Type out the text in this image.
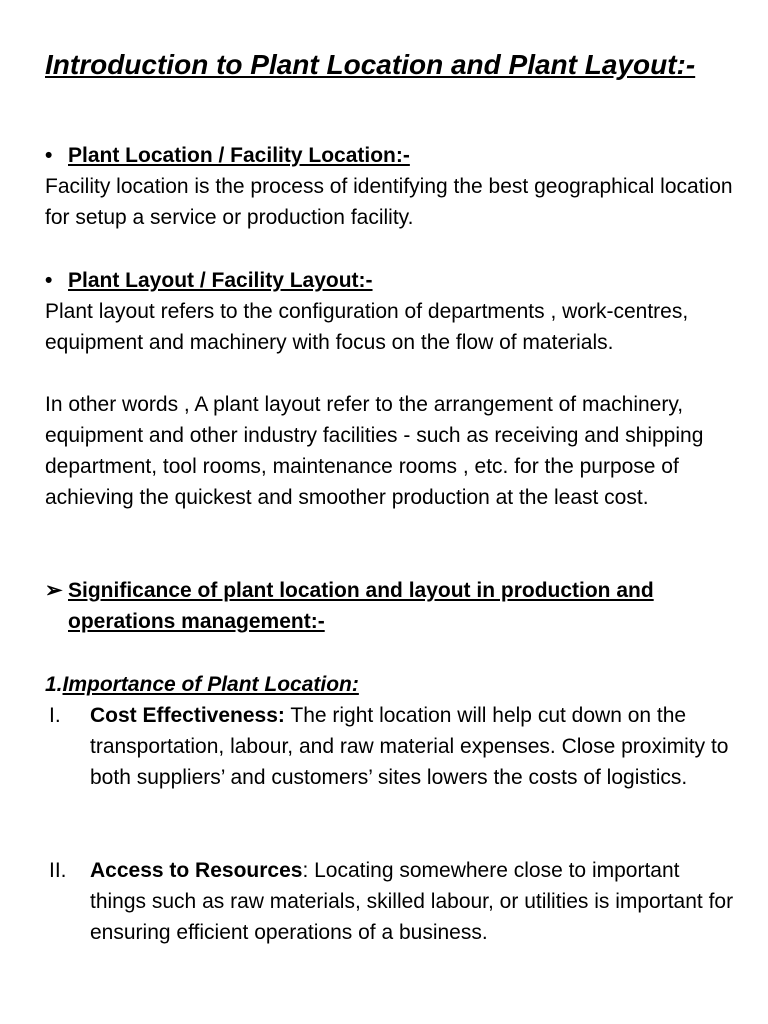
Introduction to Plant Location and Plant Layout:-
• Plant Location / Facility Location:-

Facility location is the process of identifying the best geographical location for setup a service or production facility.

• Plant Layout / Facility Layout:-

Plant layout refers to the configuration of departments , work-centres, equipment and machinery with focus on the flow of materials.

In other words , A plant layout refer to the arrangement of machinery, equipment and other industry facilities - such as receiving and shipping department, tool rooms, maintenance rooms , etc. for the purpose of achieving the quickest and smoother production at the least cost.

➢ Significance of plant location and layout in production and operations management:-
1.Importance of Plant Location:
I. Cost Effectiveness: The right location will help cut down on the transportation, labour, and raw material expenses. Close proximity to both suppliers’ and customers’ sites lowers the costs of logistics.
II. Access to Resources: Locating somewhere close to important things such as raw materials, skilled labour, or utilities is important for ensuring efficient operations of a business.
